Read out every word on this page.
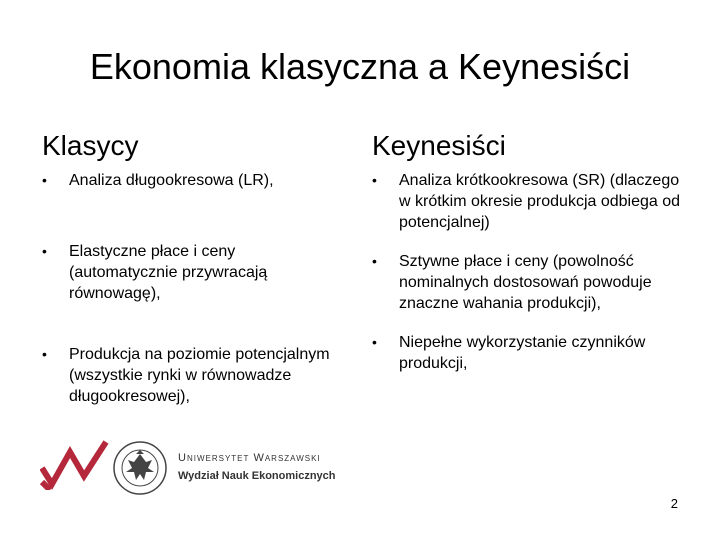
Ekonomia klasyczna a Keynesiści
Klasycy	Keynesiści
• Analiza długookresowa (LR),
• Elastyczne płace i ceny (automatycznie przywracają równowagę),
• Produkcja na poziomie potencjalnym (wszystkie rynki w równowadze długookresowej),
• Analiza krótkookresowa (SR) (dlaczego w krótkim okresie produkcja odbiega od potencjalnej)
• Sztywne płace i ceny (powolność nominalnych dostosowań powoduje znaczne wahania produkcji),
• Niepełne wykorzystanie czynników produkcji,
Uniwersytet Warszawski
Wydział Nauk Ekonomicznych
2
